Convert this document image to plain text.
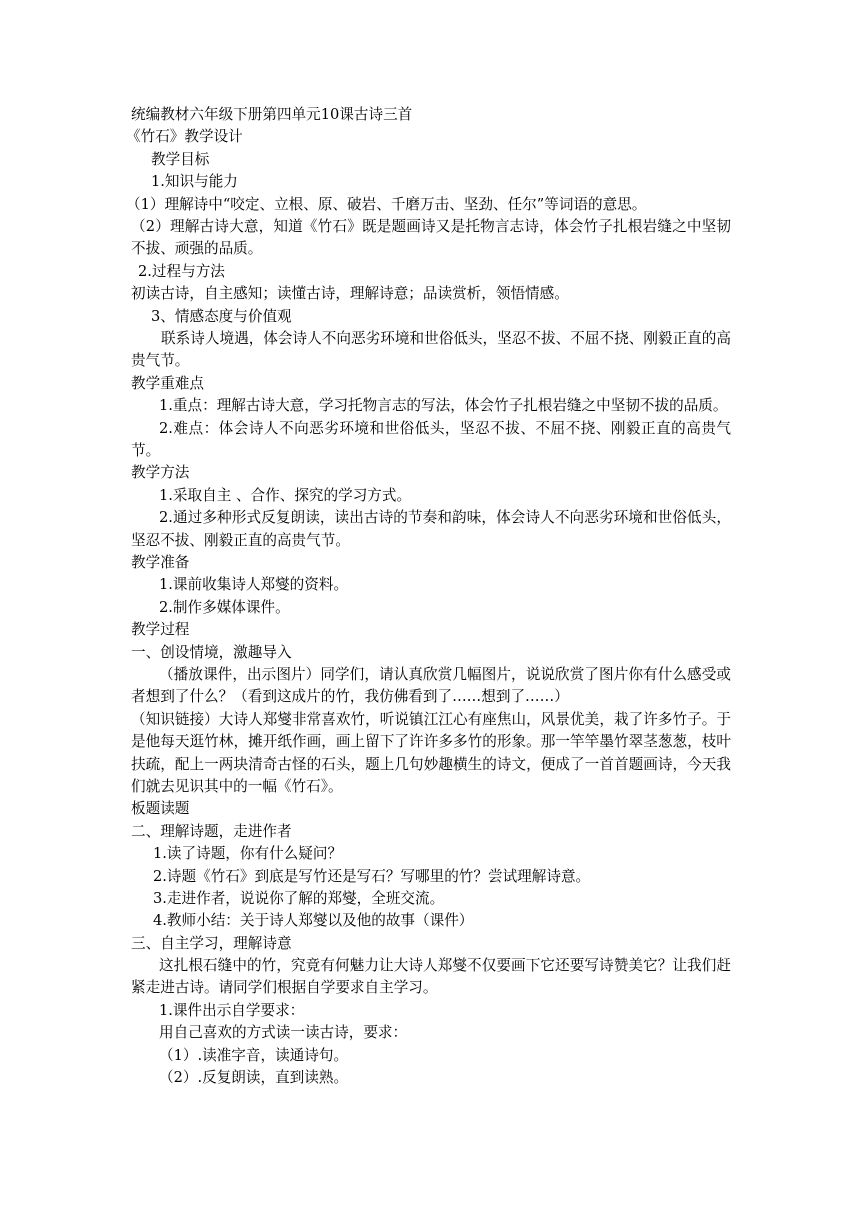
统编教材六年级下册第四单元10课古诗三首
《竹石》教学设计
教学目标
1.知识与能力
（1）理解诗中“咬定、立根、原、破岩、千磨万击、坚劲、任尔”等词语的意思。
（2）理解古诗大意，知道《竹石》既是题画诗又是托物言志诗，体会竹子扎根岩缝之中坚韧不拔、顽强的品质。
2.过程与方法
初读古诗，自主感知；读懂古诗，理解诗意；品读赏析，领悟情感。
3、情感态度与价值观
联系诗人境遇，体会诗人不向恶劣环境和世俗低头，坚忍不拔、不屈不挠、刚毅正直的高贵气节。
教学重难点
1.重点：理解古诗大意，学习托物言志的写法，体会竹子扎根岩缝之中坚韧不拔的品质。
2.难点：体会诗人不向恶劣环境和世俗低头，坚忍不拔、不屈不挠、刚毅正直的高贵气节。
教学方法
1.采取自主 、合作、探究的学习方式。
2.通过多种形式反复朗读，读出古诗的节奏和韵味，体会诗人不向恶劣环境和世俗低头，坚忍不拔、刚毅正直的高贵气节。
教学准备
1.课前收集诗人郑燮的资料。
2.制作多媒体课件。
教学过程
一、创设情境，激趣导入
（播放课件，出示图片）同学们，请认真欣赏几幅图片，说说欣赏了图片你有什么感受或者想到了什么？（看到这成片的竹，我仿佛看到了……想到了……）
（知识链接）大诗人郑燮非常喜欢竹，听说镇江江心有座焦山，风景优美，栽了许多竹子。于是他每天逛竹林，摊开纸作画，画上留下了许许多多竹的形象。那一竿竿墨竹翠茎葱葱，枝叶扶疏，配上一两块清奇古怪的石头，题上几句妙趣横生的诗文，便成了一首首题画诗，今天我们就去见识其中的一幅《竹石》。
板题读题
二、理解诗题，走进作者
1.读了诗题，你有什么疑问？
2.诗题《竹石》到底是写竹还是写石？写哪里的竹？尝试理解诗意。
3.走进作者，说说你了解的郑燮，全班交流。
4.教师小结：关于诗人郑燮以及他的故事（课件）
三、自主学习，理解诗意
这扎根石缝中的竹，究竟有何魅力让大诗人郑燮不仅要画下它还要写诗赞美它？让我们赶紧走进古诗。请同学们根据自学要求自主学习。
1.课件出示自学要求：
用自己喜欢的方式读一读古诗，要求：
（1）.读准字音，读通诗句。
（2）.反复朗读，直到读熟。
